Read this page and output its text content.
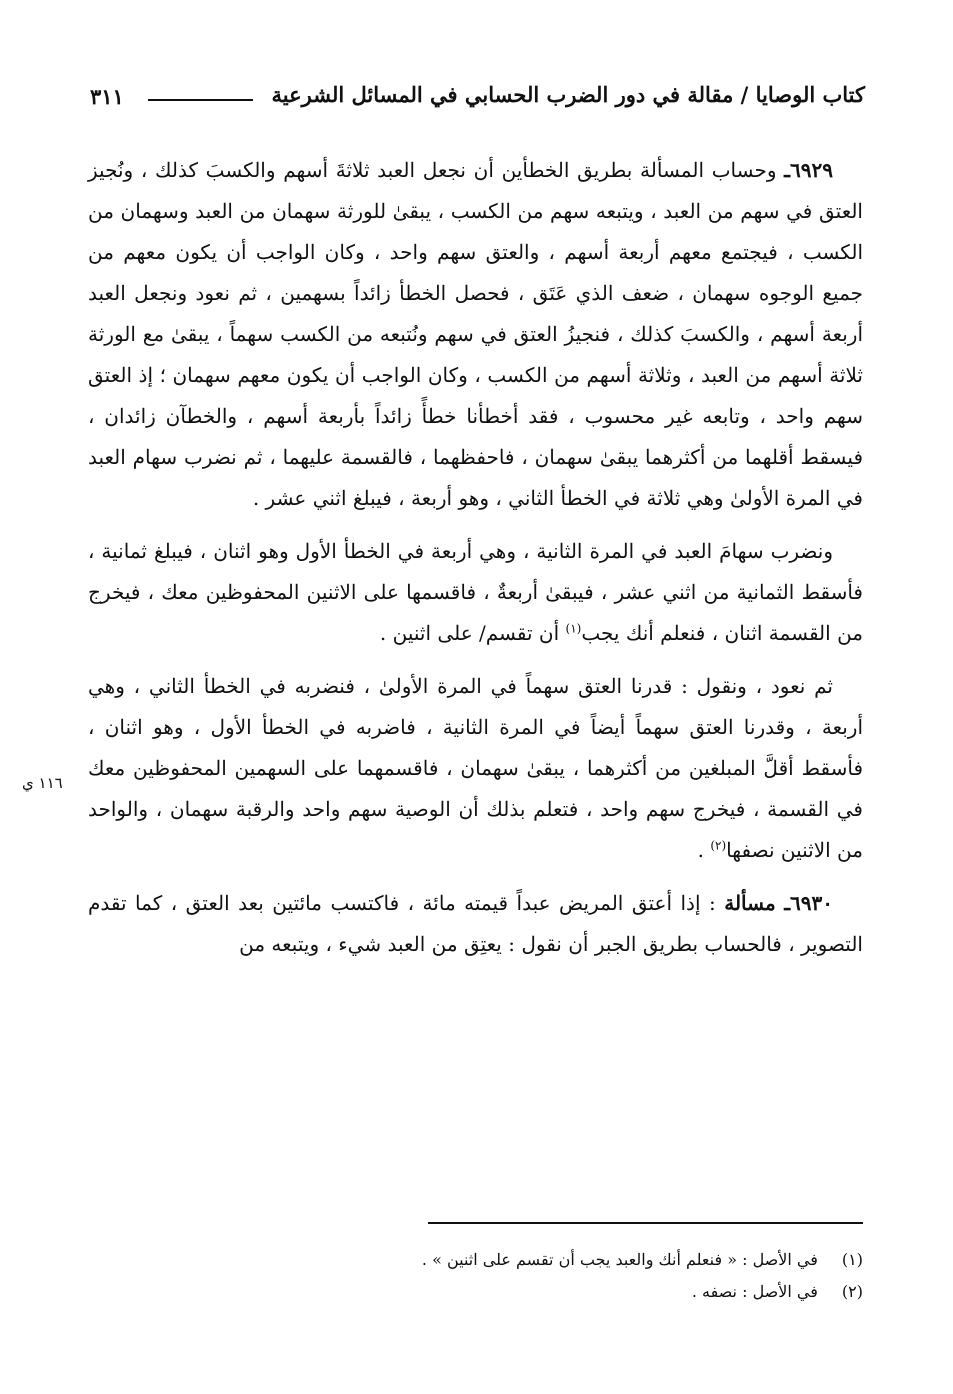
كتاب الوصايا / مقالة في دور الضرب الحسابي في المسائل الشرعية
٣١١

٦٩٢٩ـ وحساب المسألة بطريق الخطأين أن نجعل العبد ثلاثةَ أسهم والكسبَ كذلك ، ونُجيز العتق في سهم من العبد ، ويتبعه سهم من الكسب ، يبقىٰ للورثة سهمان من العبد وسهمان من الكسب ، فيجتمع معهم أربعة أسهم ، والعتق سهم واحد ، وكان الواجب أن يكون معهم من جميع الوجوه سهمان ، ضعف الذي عَتَق ، فحصل الخطأ زائداً بسهمين ، ثم نعود ونجعل العبد أربعة أسهم ، والكسبَ كذلك ، فنجيزُ العتق في سهم ونُتبعه من الكسب سهماً ، يبقىٰ مع الورثة ثلاثة أسهم من العبد ، وثلاثة أسهم من الكسب ، وكان الواجب أن يكون معهم سهمان ؛ إذ العتق سهم واحد ، وتابعه غير محسوب ، فقد أخطأنا خطأً زائداً بأربعة أسهم ، والخطآن زائدان ، فيسقط أقلهما من أكثرهما يبقىٰ سهمان ، فاحفظهما ، فالقسمة عليهما ، ثم نضرب سهام العبد في المرة الأولىٰ وهي ثلاثة في الخطأ الثاني ، وهو أربعة ، فيبلغ اثني عشر .

ونضرب سهامَ العبد في المرة الثانية ، وهي أربعة في الخطأ الأول وهو اثنان ، فيبلغ ثمانية ، فأسقط الثمانية من اثني عشر ، فيبقىٰ أربعةٌ ، فاقسمها على الاثنين المحفوظين معك ، فيخرج من القسمة اثنان ، فنعلم أنك يجب$^{(١)}$ أن تقسم/ على اثنين .

ثم نعود ، ونقول : قدرنا العتق سهماً في المرة الأولىٰ ، فنضربه في الخطأ الثاني ، وهي أربعة ، وقدرنا العتق سهماً أيضاً في المرة الثانية ، فاضربه في الخطأ الأول ، وهو اثنان ، فأسقط أقلَّ المبلغين من أكثرهما ، يبقىٰ سهمان ، فاقسمهما على السهمين المحفوظين معك في القسمة ، فيخرج سهم واحد ، فتعلم بذلك أن الوصية سهم واحد والرقبة سهمان ، والواحد من الاثنين نصفها$^{(٢)}$ .

٦٩٣٠ـ مسألة : إذا أعتق المريض عبداً قيمته مائة ، فاكتسب مائتين بعد العتق ، كما تقدم التصوير ، فالحساب بطريق الجبر أن نقول : يعتِق من العبد شيء ، ويتبعه من

١١٦ ي

(١) في الأصل : « فنعلم أنك والعبد يجب أن تقسم على اثنين » .

(٢) في الأصل : نصفه .
